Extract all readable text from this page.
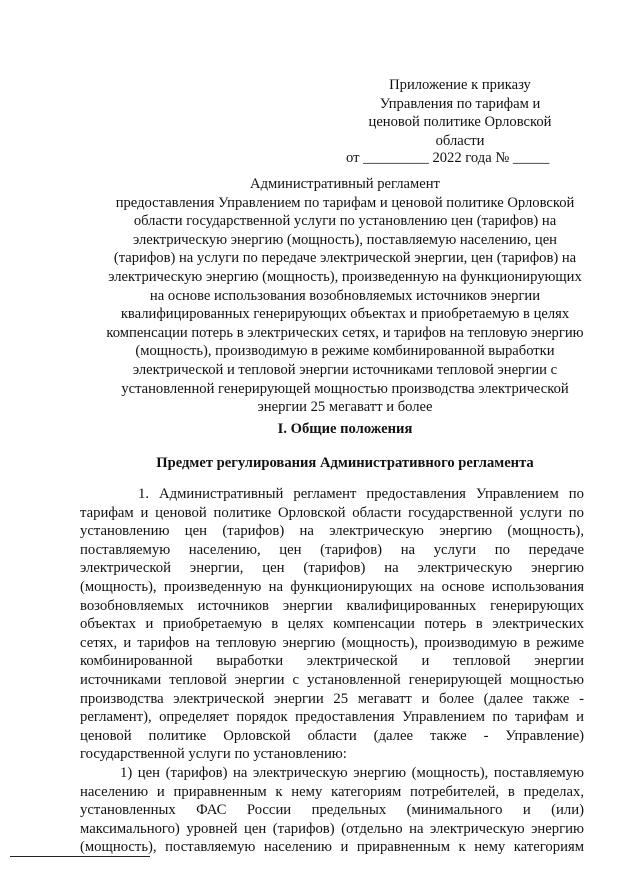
Приложение к приказу
Управления по тарифам и
ценовой политике Орловской
области
от _________ 2022 года № _____
Административный регламент
предоставления Управлением по тарифам и ценовой политике Орловской
области государственной услуги по установлению цен (тарифов) на
электрическую энергию (мощность), поставляемую населению, цен
(тарифов) на услуги по передаче электрической энергии, цен (тарифов) на
электрическую энергию (мощность), произведенную на функционирующих
на основе использования возобновляемых источников энергии
квалифицированных генерирующих объектах и приобретаемую в целях
компенсации потерь в электрических сетях, и тарифов на тепловую энергию
(мощность), производимую в режиме комбинированной выработки
электрической и тепловой энергии источниками тепловой энергии с
установленной генерирующей мощностью производства электрической
энергии 25 мегаватт и более
I. Общие положения
Предмет регулирования Административного регламента
1. Административный регламент предоставления Управлением по
тарифам и ценовой политике Орловской области государственной услуги по
установлению цен (тарифов) на электрическую энергию (мощность),
поставляемую населению, цен (тарифов) на услуги по передаче
электрической энергии, цен (тарифов) на электрическую энергию
(мощность), произведенную на функционирующих на основе использования
возобновляемых источников энергии квалифицированных генерирующих
объектах и приобретаемую в целях компенсации потерь в электрических
сетях, и тарифов на тепловую энергию (мощность), производимую в режиме
комбинированной выработки электрической и тепловой энергии
источниками тепловой энергии с установленной генерирующей мощностью
производства электрической энергии 25 мегаватт и более (далее также -
регламент), определяет порядок предоставления Управлением по тарифам и
ценовой политике Орловской области (далее также - Управление)
государственной услуги по установлению:
1) цен (тарифов) на электрическую энергию (мощность), поставляемую
населению и приравненным к нему категориям потребителей, в пределах,
установленных ФАС России предельных (минимального и (или)
максимального) уровней цен (тарифов) (отдельно на электрическую энергию
(мощность), поставляемую населению и приравненным к нему категориям
